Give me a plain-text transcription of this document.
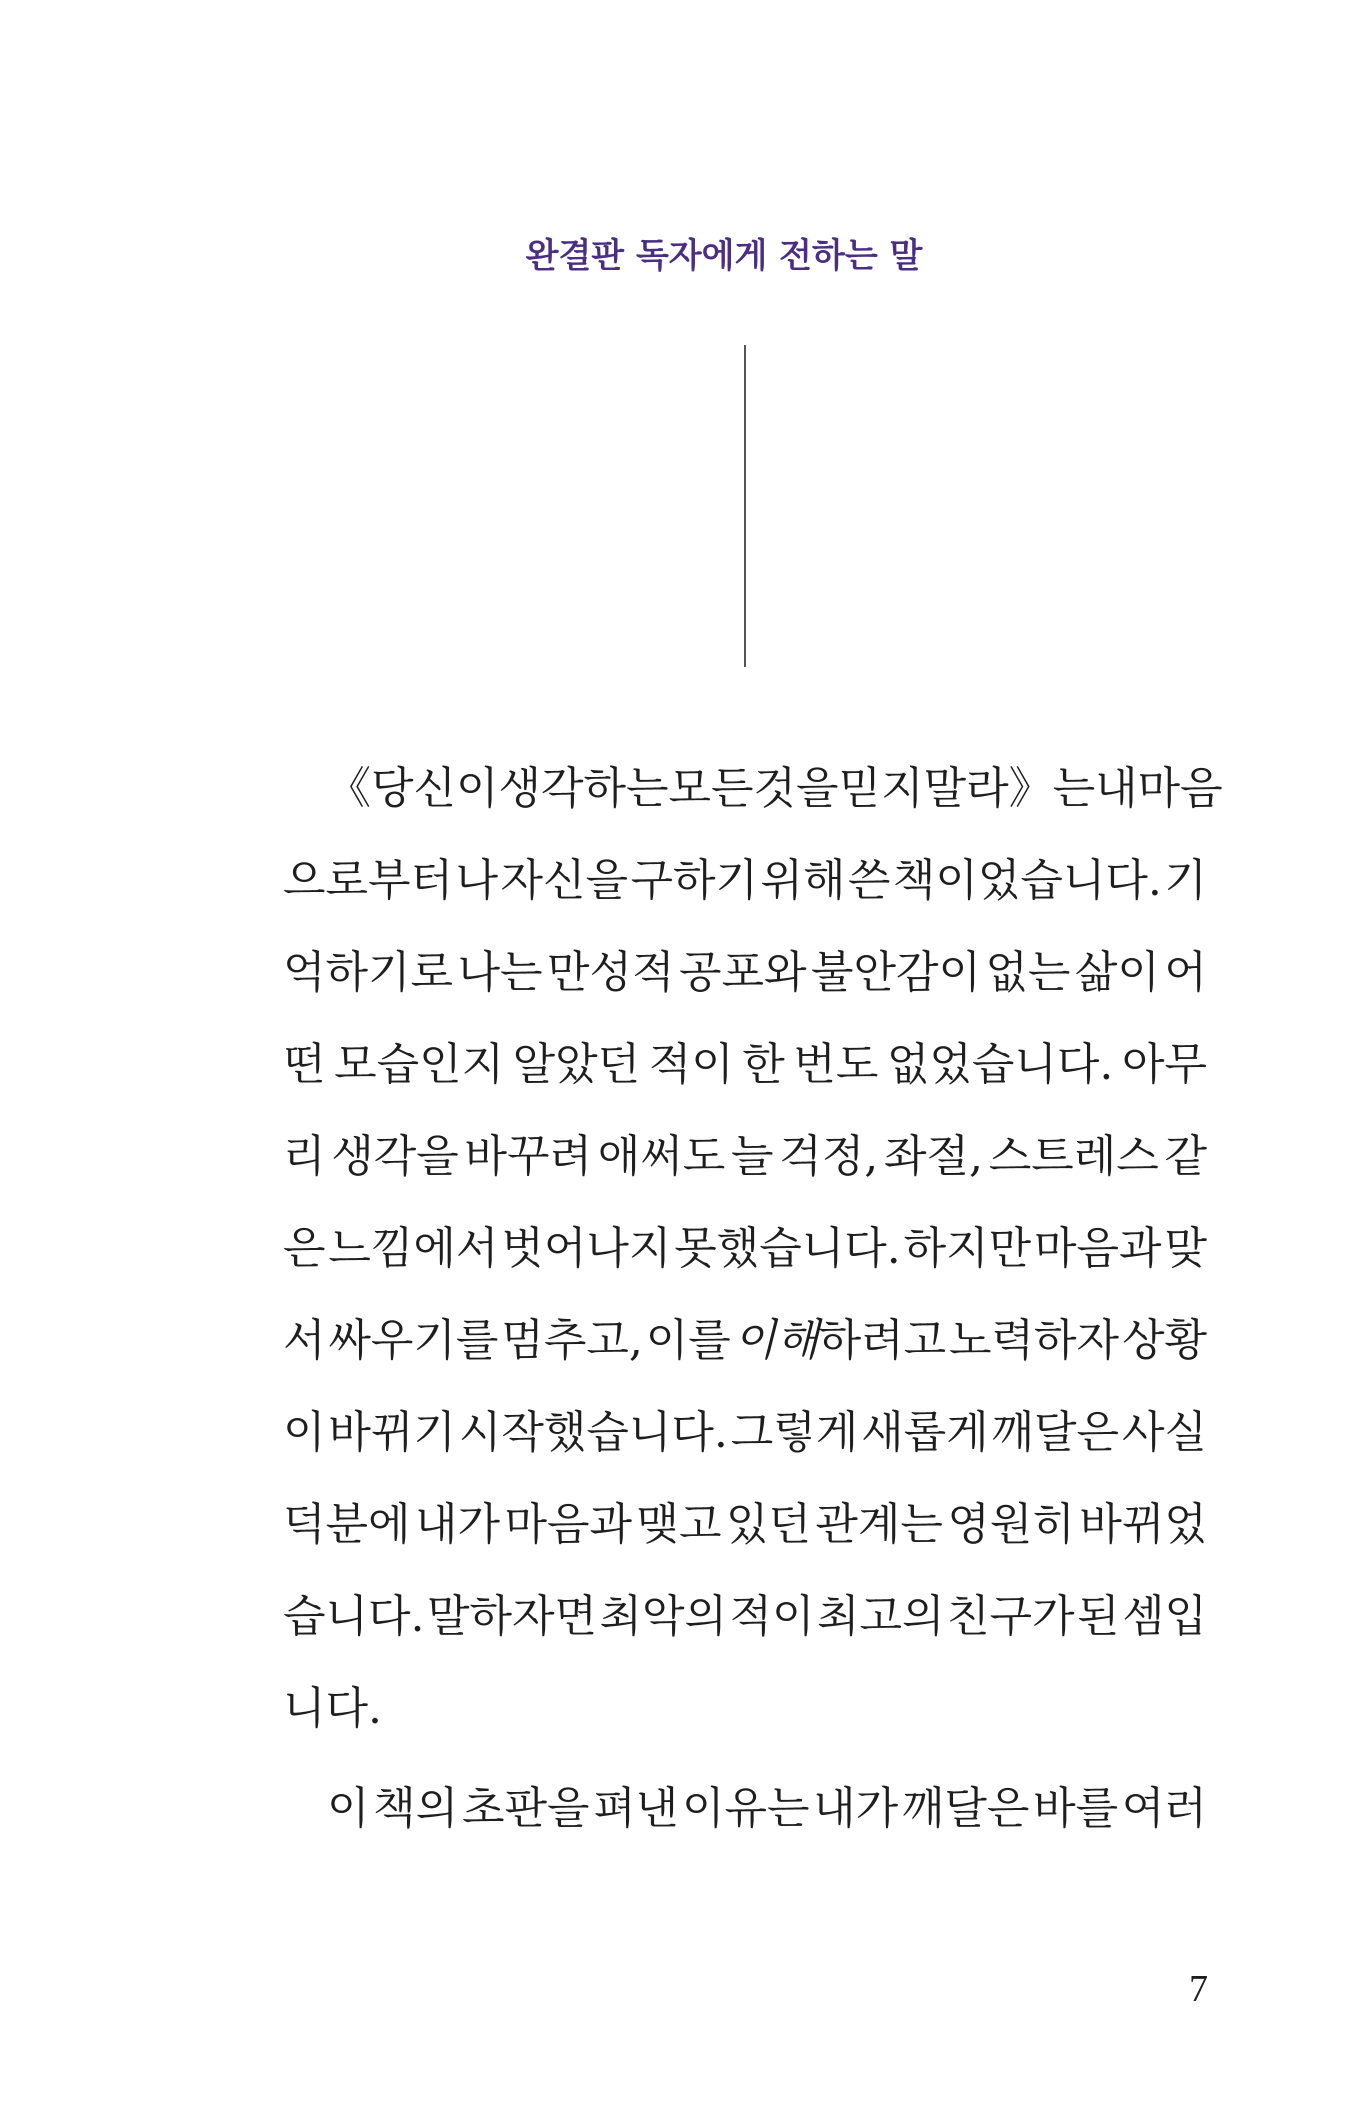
완결판 독자에게 전하는 말
《당신이 생각하는 모든 것을 믿지 말라》는 내 마음
으로부터 나 자신을 구하기 위해 쓴 책이었습니다. 기
억하기로 나는 만성적 공포와 불안감이 없는 삶이 어
떤 모습인지 알았던 적이 한 번도 없었습니다. 아무
리 생각을 바꾸려 애써도 늘 걱정, 좌절, 스트레스 같
은 느낌에서 벗어나지 못했습니다. 하지만 마음과 맞
서 싸우기를 멈추고, 이를 이해하려고 노력하자 상황
이 바뀌기 시작했습니다. 그렇게 새롭게 깨달은 사실
덕분에 내가 마음과 맺고 있던 관계는 영원히 바뀌었
습니다. 말하자면 최악의 적이 최고의 친구가 된 셈입
니다.
이 책의 초판을 펴낸 이유는 내가 깨달은 바를 여러
7
